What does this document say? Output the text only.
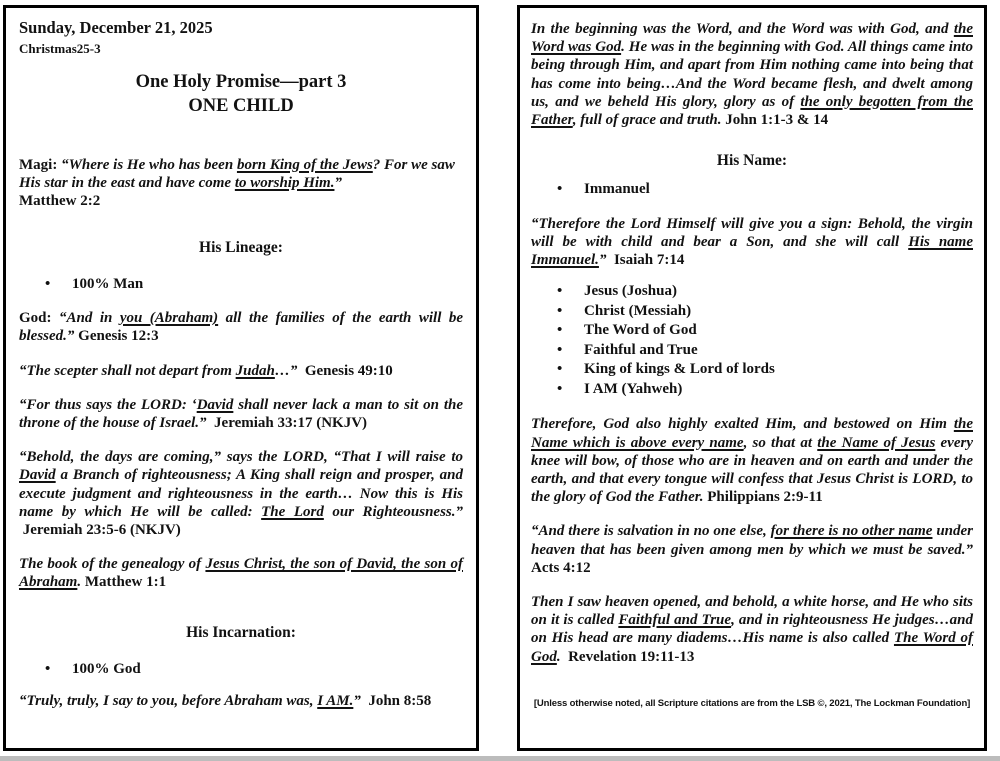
Sunday, December 21, 2025

Christmas25-3

One Holy Promise—part 3
ONE CHILD

Magi: “Where is He who has been born King of the Jews? For we saw His star in the east and have come to worship Him.”

Matthew 2:2

His Lineage:
• 100% Man

God: “And in you (Abraham) all the families of the earth will be blessed.” Genesis 12:3

“The scepter shall not depart from Judah…”  Genesis 49:10

“For thus says the LORD: ‘David shall never lack a man to sit on the throne of the house of Israel.”  Jeremiah 33:17 (NKJV)

“Behold, the days are coming,” says the LORD, “That I will raise to David a Branch of righteousness; A King shall reign and prosper, and execute judgment and righteousness in the earth… Now this is His name by which He will be called: The Lord our Righteousness.”  Jeremiah 23:5-6 (NKJV)

The book of the genealogy of Jesus Christ, the son of David, the son of Abraham. Matthew 1:1

His Incarnation:
• 100% God

“Truly, truly, I say to you, before Abraham was, I AM.”  John 8:58

In the beginning was the Word, and the Word was with God, and the Word was God. He was in the beginning with God. All things came into being through Him, and apart from Him nothing came into being that has come into being…And the Word became flesh, and dwelt among us, and we beheld His glory, glory as of the only begotten from the Father, full of grace and truth. John 1:1-3 & 14

His Name:
• Immanuel

“Therefore the Lord Himself will give you a sign: Behold, the virgin will be with child and bear a Son, and she will call His name Immanuel.”  Isaiah 7:14

• Jesus (Joshua)
• Christ (Messiah)
• The Word of God
• Faithful and True
• King of kings & Lord of lords
• I AM (Yahweh)

Therefore, God also highly exalted Him, and bestowed on Him the Name which is above every name, so that at the Name of Jesus every knee will bow, of those who are in heaven and on earth and under the earth, and that every tongue will confess that Jesus Christ is LORD, to the glory of God the Father. Philippians 2:9-11

“And there is salvation in no one else, for there is no other name under heaven that has been given among men by which we must be saved.” Acts 4:12

Then I saw heaven opened, and behold, a white horse, and He who sits on it is called Faithful and True, and in righteousness He judges…and on His head are many diadems…His name is also called The Word of God.  Revelation 19:11-13

[Unless otherwise noted, all Scripture citations are from the LSB ©, 2021, The Lockman Foundation]
